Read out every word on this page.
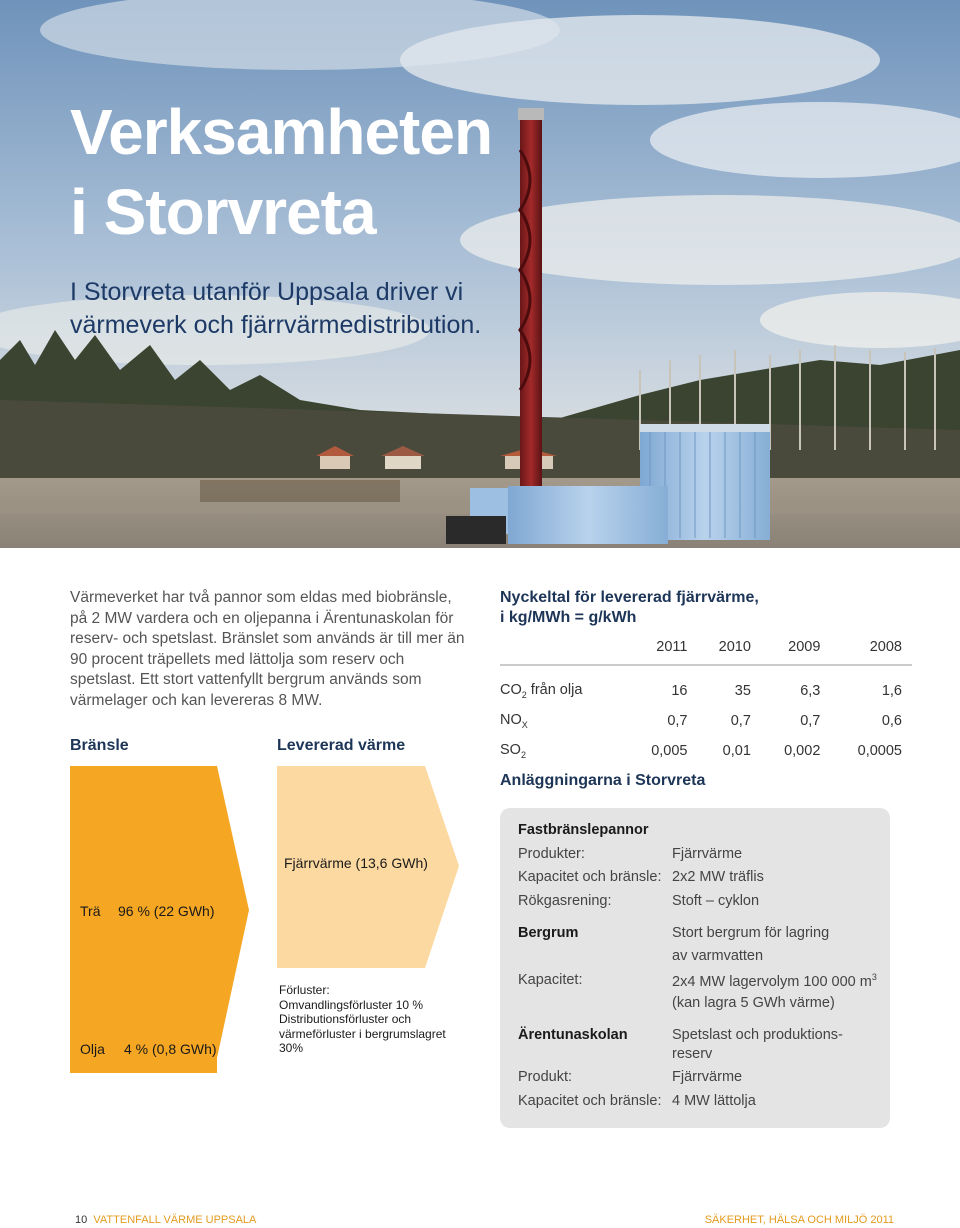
Verksamheten
i Storvreta
I Storvreta utanför Uppsala driver vi värmeverk och fjärrvärmedistribution.
Värmeverket har två pannor som eldas med biobränsle, på 2 MW vardera och en oljepanna i Ärentunaskolan för reserv- och spetslast. Bränslet som används är till mer än 90 procent träpellets med lättolja som reserv och spetslast. Ett stort vattenfyllt bergrum används som värmelager och kan levereras 8 MW.
Bränsle	Levererad värme
Trä 96 % (22 GWh)
Olja 4 % (0,8 GWh)
Fjärrvärme (13,6 GWh)
Förluster:
Omvandlingsförluster 10 %
Distributionsförluster och värmeförluster i bergrumslagret
30%
Nyckeltal för levererad fjärrvärme,
i kg/MWh = g/kWh
	2011	2010	2009	2008
$CO_2$ från olja	16	35	6,3	1,6
$NO_X$	0,7	0,7	0,7	0,6
$SO_2$	0,005	0,01	0,002	0,0005
Anläggningarna i Storvreta
Fastbränslepannor
Produkter:	Fjärrvärme
Kapacitet och bränsle: 2x2 MW träflis
Rökgasrening:	Stoft – cyklon
Bergrum	Stort bergrum för lagring
av varmvatten
Kapacitet:	2x4 MW lagervolym 100 000 $m^3$
(kan lagra 5 GWh värme)
Ärentunaskolan	Spetslast och produktions-
reserv
Produkt:	Fjärrvärme
Kapacitet och bränsle: 4 MW lättolja
10 VATTENFALL VÄRME UPPSALA	SÄKERHET, HÄLSA OCH MILJÖ 2011
